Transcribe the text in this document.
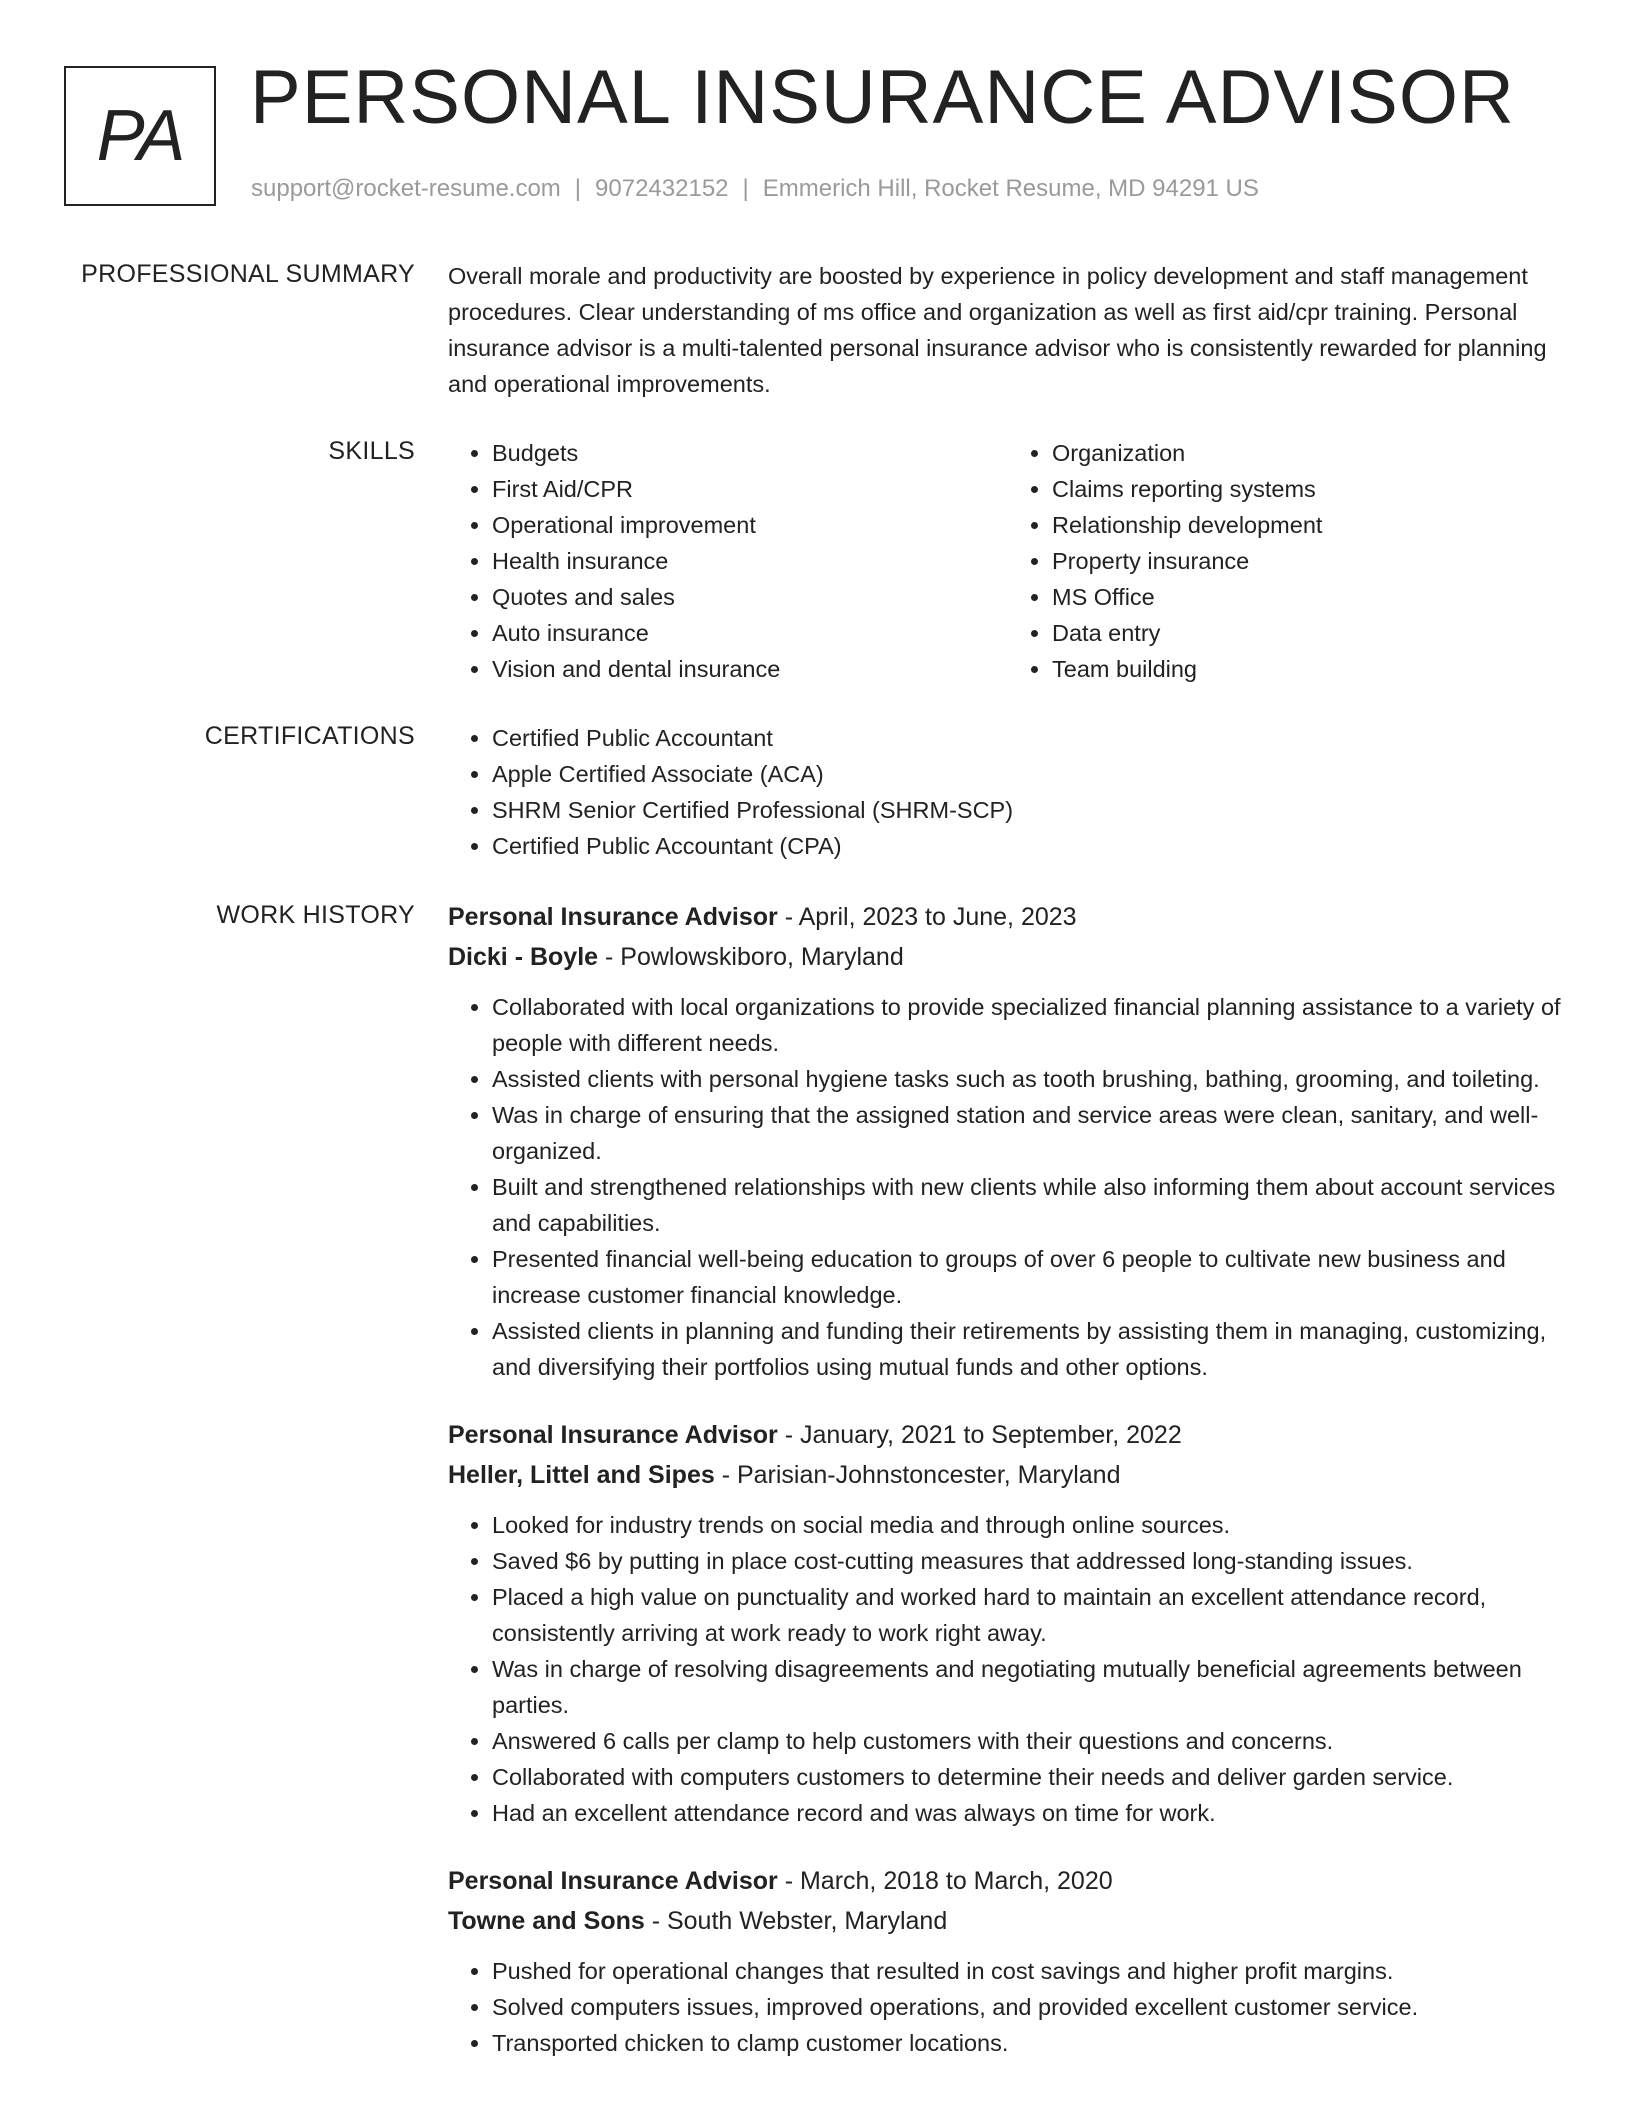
PA PERSONAL INSURANCE ADVISOR
support@rocket-resume.com | 9072432152 | Emmerich Hill, Rocket Resume, MD 94291 US
PROFESSIONAL SUMMARY Overall morale and productivity are boosted by experience in policy development and staff management procedures. Clear understanding of ms office and organization as well as first aid/cpr training. Personal insurance advisor is a multi-talented personal insurance advisor who is consistently rewarded for planning and operational improvements.

SKILLS	• Budgets
• First Aid/CPR
• Operational improvement
• Health insurance
• Quotes and sales
• Auto insurance
• Vision and dental insurance
• Organization
• Claims reporting systems
• Relationship development
• Property insurance
• MS Office
• Data entry
• Team building
CERTIFICATIONS	• Certified Public Accountant
• Apple Certified Associate (ACA)
• SHRM Senior Certified Professional (SHRM-SCP)
• Certified Public Accountant (CPA)
WORK HISTORY Personal Insurance Advisor - April, 2023 to June, 2023
Dicki - Boyle - Powlowskiboro, Maryland
• Collaborated with local organizations to provide specialized financial planning assistance to a variety of people with different needs.
• Assisted clients with personal hygiene tasks such as tooth brushing, bathing, grooming, and toileting.
• Was in charge of ensuring that the assigned station and service areas were clean, sanitary, and well-organized.
• Built and strengthened relationships with new clients while also informing them about account services and capabilities.
• Presented financial well-being education to groups of over 6 people to cultivate new business and increase customer financial knowledge.
• Assisted clients in planning and funding their retirements by assisting them in managing, customizing, and diversifying their portfolios using mutual funds and other options.
Personal Insurance Advisor - January, 2021 to September, 2022
Heller, Littel and Sipes - Parisian-Johnstoncester, Maryland
• Looked for industry trends on social media and through online sources.
• Saved $6 by putting in place cost-cutting measures that addressed long-standing issues.
• Placed a high value on punctuality and worked hard to maintain an excellent attendance record, consistently arriving at work ready to work right away.
• Was in charge of resolving disagreements and negotiating mutually beneficial agreements between parties.
• Answered 6 calls per clamp to help customers with their questions and concerns.
• Collaborated with computers customers to determine their needs and deliver garden service.
• Had an excellent attendance record and was always on time for work.
Personal Insurance Advisor - March, 2018 to March, 2020
Towne and Sons - South Webster, Maryland
• Pushed for operational changes that resulted in cost savings and higher profit margins.
• Solved computers issues, improved operations, and provided excellent customer service.
• Transported chicken to clamp customer locations.
